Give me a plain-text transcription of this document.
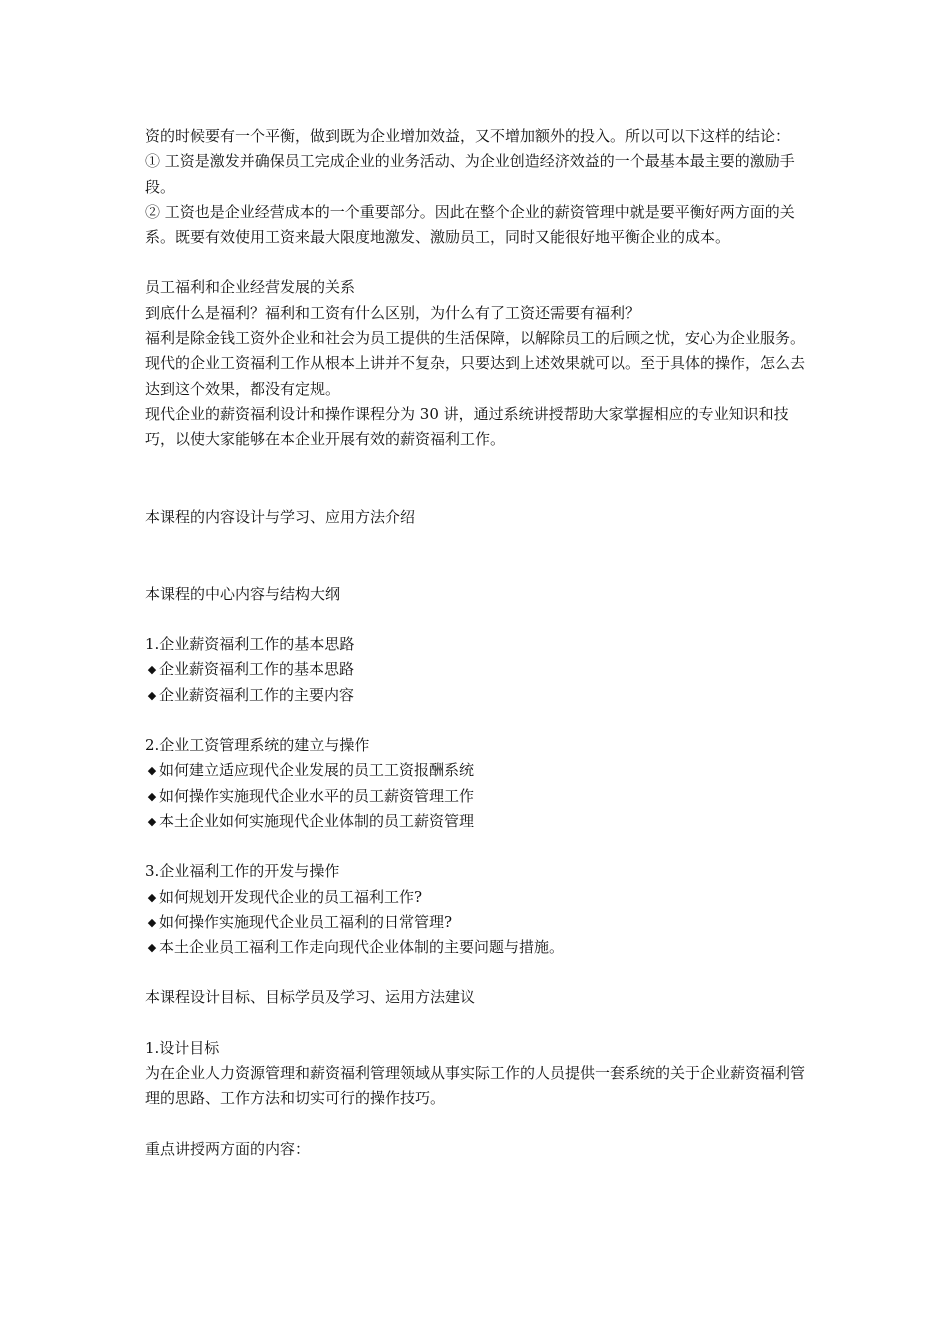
资的时候要有一个平衡，做到既为企业增加效益，又不增加额外的投入。所以可以下这样的结论：

① 工资是激发并确保员工完成企业的业务活动、为企业创造经济效益的一个最基本最主要的激励手段。

② 工资也是企业经营成本的一个重要部分。因此在整个企业的薪资管理中就是要平衡好两方面的关系。既要有效使用工资来最大限度地激发、激励员工，同时又能很好地平衡企业的成本。

员工福利和企业经营发展的关系

到底什么是福利？福利和工资有什么区别，为什么有了工资还需要有福利？

福利是除金钱工资外企业和社会为员工提供的生活保障，以解除员工的后顾之忧，安心为企业服务。

现代的企业工资福利工作从根本上讲并不复杂，只要达到上述效果就可以。至于具体的操作，怎么去达到这个效果，都没有定规。

现代企业的薪资福利设计和操作课程分为 30 讲，通过系统讲授帮助大家掌握相应的专业知识和技巧，以使大家能够在本企业开展有效的薪资福利工作。

本课程的内容设计与学习、应用方法介绍

本课程的中心内容与结构大纲

1.企业薪资福利工作的基本思路

◆ 企业薪资福利工作的基本思路

◆ 企业薪资福利工作的主要内容

2.企业工资管理系统的建立与操作

◆ 如何建立适应现代企业发展的员工工资报酬系统

◆ 如何操作实施现代企业水平的员工薪资管理工作

◆ 本土企业如何实施现代企业体制的员工薪资管理

3.企业福利工作的开发与操作

◆ 如何规划开发现代企业的员工福利工作?

◆ 如何操作实施现代企业员工福利的日常管理?

◆ 本土企业员工福利工作走向现代企业体制的主要问题与措施。

本课程设计目标、目标学员及学习、运用方法建议

1.设计目标

为在企业人力资源管理和薪资福利管理领域从事实际工作的人员提供一套系统的关于企业薪资福利管理的思路、工作方法和切实可行的操作技巧。

重点讲授两方面的内容：
